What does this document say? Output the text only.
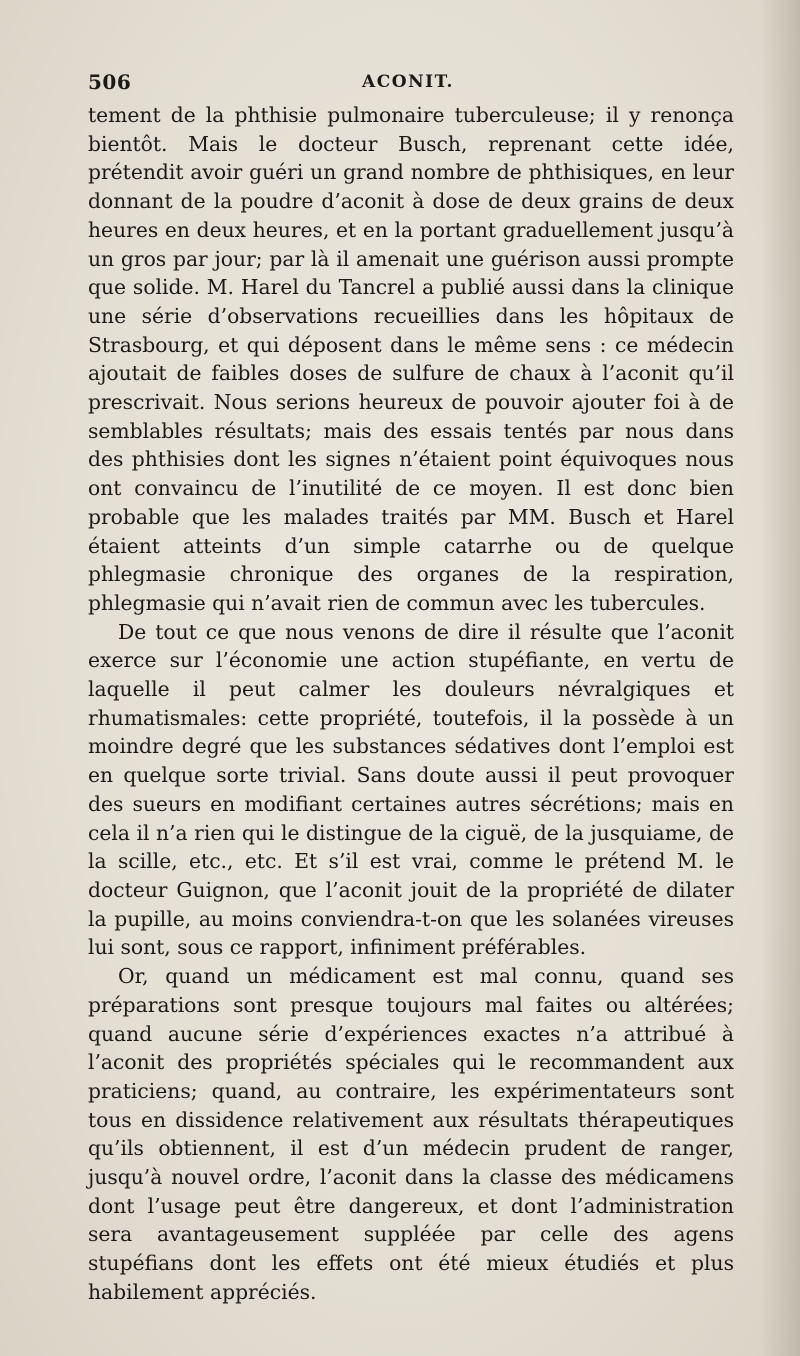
506	ACONIT.

tement de la phthisie pulmonaire tuberculeuse; il y renonça bientôt. Mais le docteur Busch, reprenant cette idée, prétendit avoir guéri un grand nombre de phthisiques, en leur donnant de la poudre d’aconit à dose de deux grains de deux heures en deux heures, et en la portant graduellement jusqu’à un gros par jour; par là il amenait une guérison aussi prompte que solide. M. Harel du Tancrel a publié aussi dans la clinique une série d’observations recueillies dans les hôpitaux de Strasbourg, et qui déposent dans le même sens : ce médecin ajoutait de faibles doses de sulfure de chaux à l’aconit qu’il prescrivait. Nous serions heureux de pouvoir ajouter foi à de semblables résultats; mais des essais tentés par nous dans des phthisies dont les signes n’étaient point équivoques nous ont convaincu de l’inutilité de ce moyen. Il est donc bien probable que les malades traités par MM. Busch et Harel étaient atteints d’un simple catarrhe ou de quelque phlegmasie chronique des organes de la respiration, phlegmasie qui n’avait rien de commun avec les tubercules.

De tout ce que nous venons de dire il résulte que l’aconit exerce sur l’économie une action stupéfiante, en vertu de laquelle il peut calmer les douleurs névralgiques et rhumatismales: cette propriété, toutefois, il la possède à un moindre degré que les substances sédatives dont l’emploi est en quelque sorte trivial. Sans doute aussi il peut provoquer des sueurs en modifiant certaines autres sécrétions; mais en cela il n’a rien qui le distingue de la ciguë, de la jusquiame, de la scille, etc., etc. Et s’il est vrai, comme le prétend M. le docteur Guignon, que l’aconit jouit de la propriété de dilater la pupille, au moins conviendra-t-on que les solanées vireuses lui sont, sous ce rapport, infiniment préférables.

Or, quand un médicament est mal connu, quand ses préparations sont presque toujours mal faites ou altérées; quand aucune série d’expériences exactes n’a attribué à l’aconit des propriétés spéciales qui le recommandent aux praticiens; quand, au contraire, les expérimentateurs sont tous en dissidence relativement aux résultats thérapeutiques qu’ils obtiennent, il est d’un médecin prudent de ranger, jusqu’à nouvel ordre, l’aconit dans la classe des médicamens dont l’usage peut être dangereux, et dont l’administration sera avantageusement suppléée par celle des agens stupéfians dont les effets ont été mieux étudiés et plus habilement appréciés.
